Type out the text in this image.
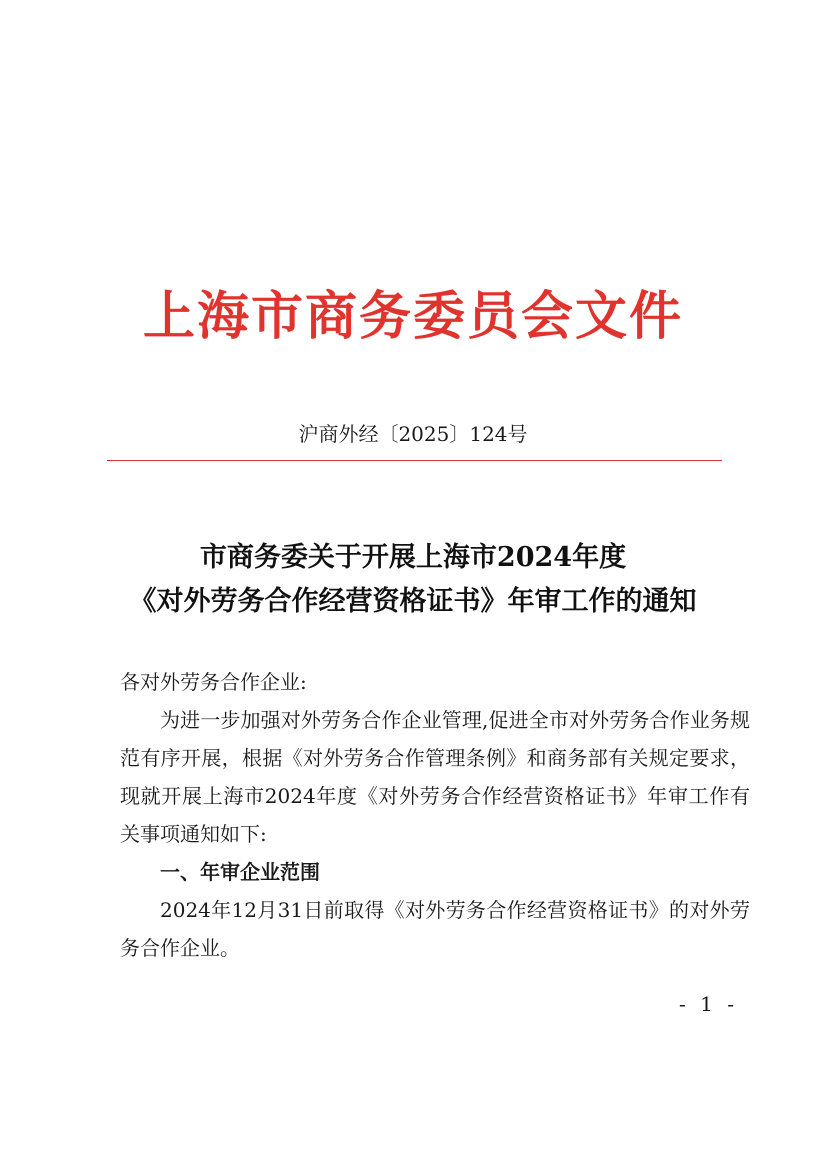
上海市商务委员会文件
沪商外经〔2025〕124号
市商务委关于开展上海市2024年度
《对外劳务合作经营资格证书》年审工作的通知

各对外劳务合作企业:

为进一步加强对外劳务合作企业管理,促进全市对外劳务合作业务规范有序开展，根据《对外劳务合作管理条例》和商务部有关规定要求，现就开展上海市2024年度《对外劳务合作经营资格证书》年审工作有关事项通知如下:

一、年审企业范围

2024年12月31日前取得《对外劳务合作经营资格证书》的对外劳务合作企业。

- 1 -
